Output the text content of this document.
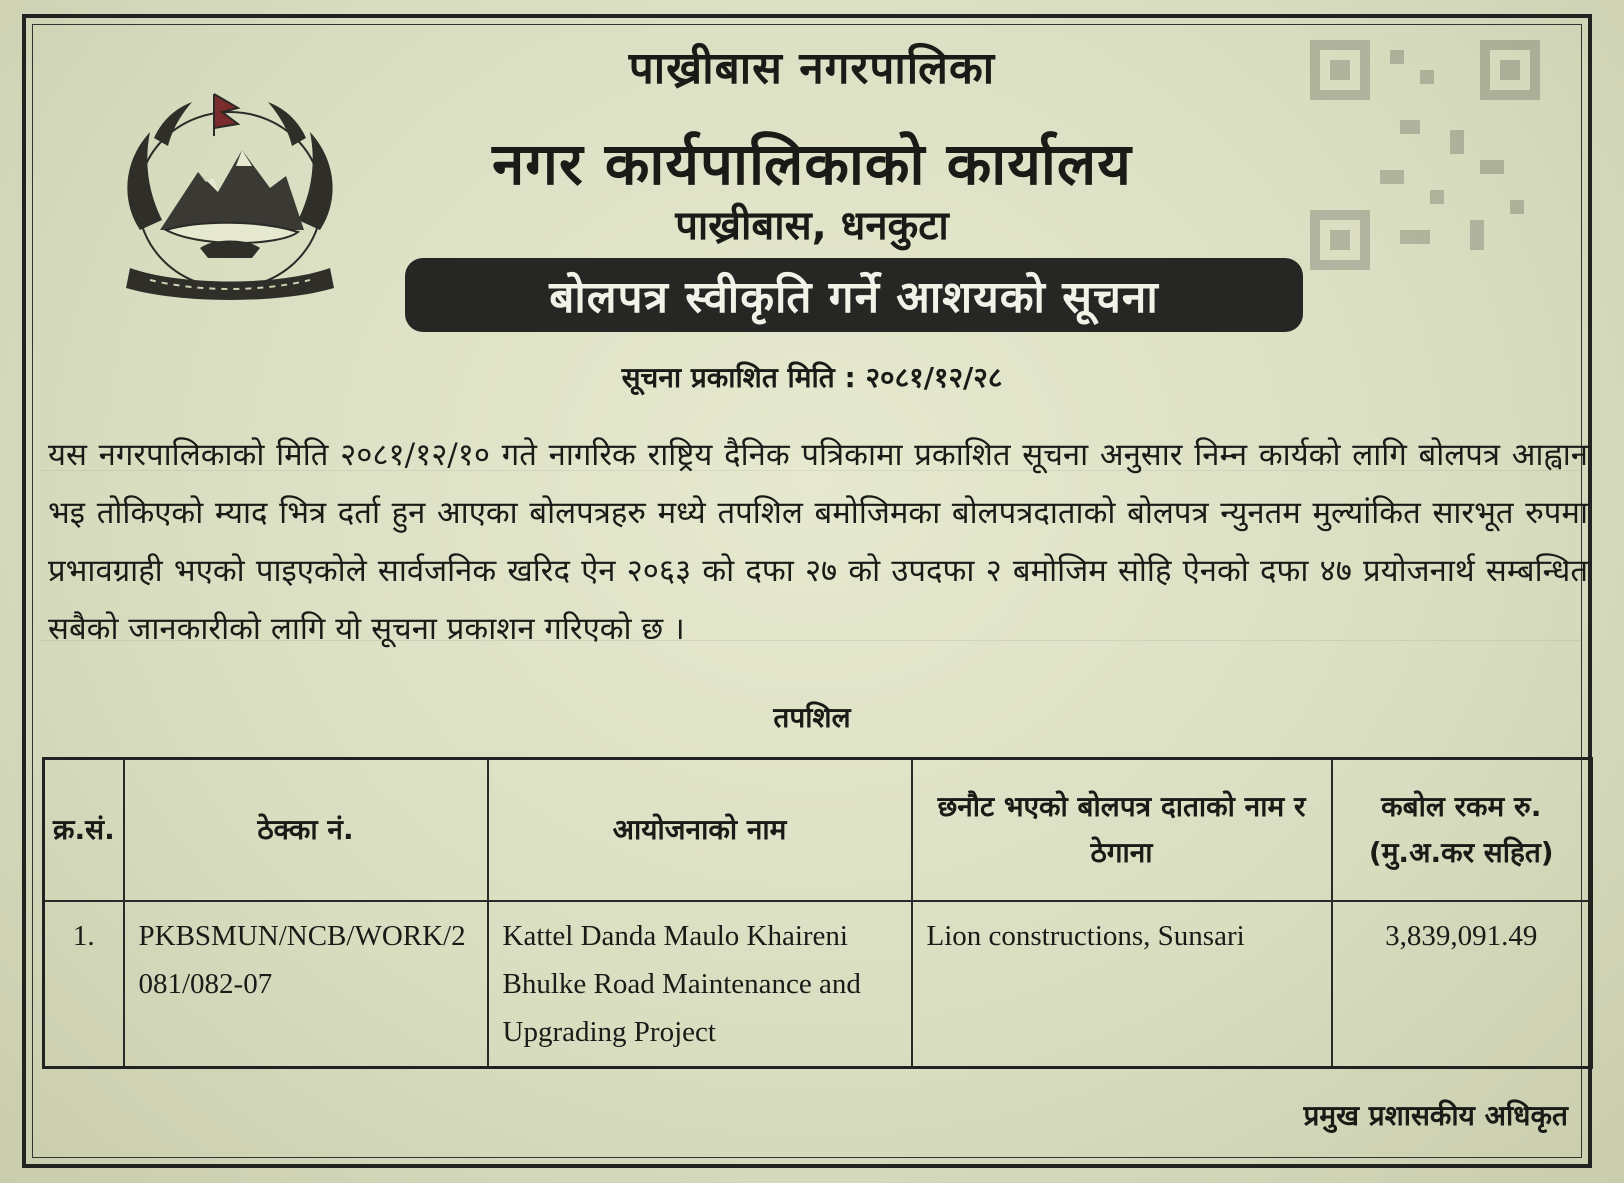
पाख्रीबास नगरपालिका
नगर कार्यपालिकाको कार्यालय
पाख्रीबास, धनकुटा
बोलपत्र स्वीकृति गर्ने आशयको सूचना
सूचना प्रकाशित मिति : २०८१/१२/२८
यस नगरपालिकाको मिति २०८१/१२/१० गते नागरिक राष्ट्रिय दैनिक पत्रिकामा प्रकाशित सूचना अनुसार निम्न कार्यको लागि बोलपत्र आह्वान भइ तोकिएको म्याद भित्र दर्ता हुन आएका बोलपत्रहरु मध्ये तपशिल बमोजिमका बोलपत्रदाताको बोलपत्र न्युनतम मुल्यांकित सारभूत रुपमा प्रभावग्राही भएको पाइएकोले सार्वजनिक खरिद ऐन २०६३ को दफा २७ को उपदफा २ बमोजिम सोहि ऐनको दफा ४७ प्रयोजनार्थ सम्बन्धित सबैको जानकारीको लागि यो सूचना प्रकाशन गरिएको छ ।
तपशिल
क्र.सं.	ठेक्का नं.	आयोजनाको नाम	छनौट भएको बोलपत्र दाताको नाम र ठेगाना	कबोल रकम रु. (मु.अ.कर सहित)
1.	PKBSMUN/NCB/WORK/2081/082-07	Kattel Danda Maulo Khaireni Bhulke Road Maintenance and Upgrading Project	Lion constructions, Sunsari	3,839,091.49
प्रमुख प्रशासकीय अधिकृत
